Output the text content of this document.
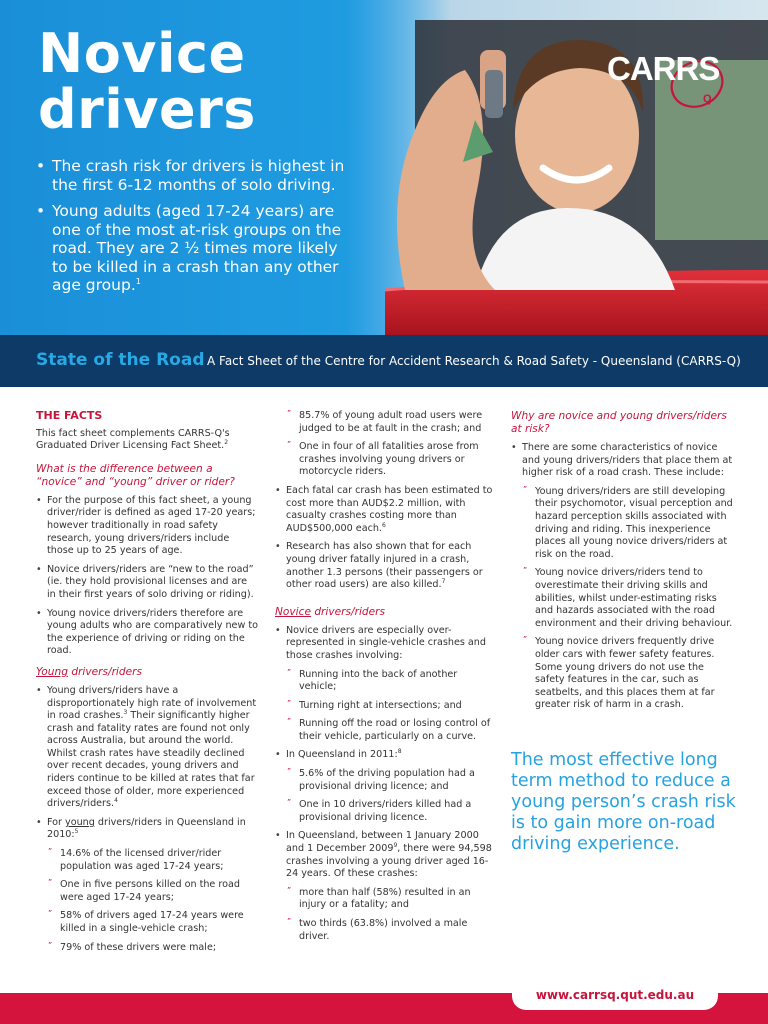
Novice
drivers
• The crash risk for drivers is highest in the first 6-12 months of solo driving.
• Young adults (aged 17-24 years) are one of the most at-risk groups on the road. They are 2 ½ times more likely to be killed in a crash than any other age group.$^1$
CARRS
Q
State of the Road A Fact Sheet of the Centre for Accident Research & Road Safety - Queensland (CARRS-Q)
THE FACTS

This fact sheet complements CARRS-Q's Graduated Driver Licensing Fact Sheet.$^2$

What is the difference between a “novice” and “young” driver or rider?
• For the purpose of this fact sheet, a young driver/rider is defined as aged 17-20 years; however traditionally in road safety research, young drivers/riders include those up to 25 years of age.
• Novice drivers/riders are “new to the road” (ie. they hold provisional licenses and are in their first years of solo driving or riding).
• Young novice drivers/riders therefore are young adults who are comparatively new to the experience of driving or riding on the road.
Young drivers/riders
• Young drivers/riders have a disproportionately high rate of involvement in road crashes.$^3$ Their significantly higher crash and fatality rates are found not only across Australia, but around the world. Whilst crash rates have steadily declined over recent decades, young drivers and riders continue to be killed at rates that far exceed those of older, more experienced drivers/riders.$^4$
• For young drivers/riders in Queensland in 2010:$^5$
” 14.6% of the licensed driver/rider population was aged 17-24 years;
” One in five persons killed on the road were aged 17-24 years;
” 58% of drivers aged 17-24 years were killed in a single-vehicle crash;
” 79% of these drivers were male;
” 85.7% of young adult road users were judged to be at fault in the crash; and
” One in four of all fatalities arose from crashes involving young drivers or motorcycle riders.
• Each fatal car crash has been estimated to cost more than AUD$2.2 million, with casualty crashes costing more than AUD$500,000 each.$^6$
• Research has also shown that for each young driver fatally injured in a crash, another 1.3 persons (their passengers or other road users) are also killed.$^7$
Novice drivers/riders
• Novice drivers are especially over- represented in single-vehicle crashes and those crashes involving:
” Running into the back of another vehicle;
” Turning right at intersections; and
” Running off the road or losing control of their vehicle, particularly on a curve.
• In Queensland in 2011:$^8$
” 5.6% of the driving population had a provisional driving licence; and
” One in 10 drivers/riders killed had a provisional driving licence.
• In Queensland, between 1 January 2000 and 1 December 2009$^9$, there were 94,598 crashes involving a young driver aged 16-24 years. Of these crashes:
” more than half (58%) resulted in an injury or a fatality; and
” two thirds (63.8%) involved a male driver.
Why are novice and young drivers/riders at risk?
• There are some characteristics of novice and young drivers/riders that place them at higher risk of a road crash. These include:
” Young drivers/riders are still developing their psychomotor, visual perception and hazard perception skills associated with driving and riding. This inexperience places all young novice drivers/riders at risk on the road.
” Young novice drivers/riders tend to overestimate their driving skills and abilities, whilst under-estimating risks and hazards associated with the road environment and their driving behaviour.
” Young novice drivers frequently drive older cars with fewer safety features. Some young drivers do not use the safety features in the car, such as seatbelts, and this places them at far greater risk of harm in a crash.
The most effective long term method to reduce a young person’s crash risk is to gain more on-road driving experience.
www.carrsq.qut.edu.au
